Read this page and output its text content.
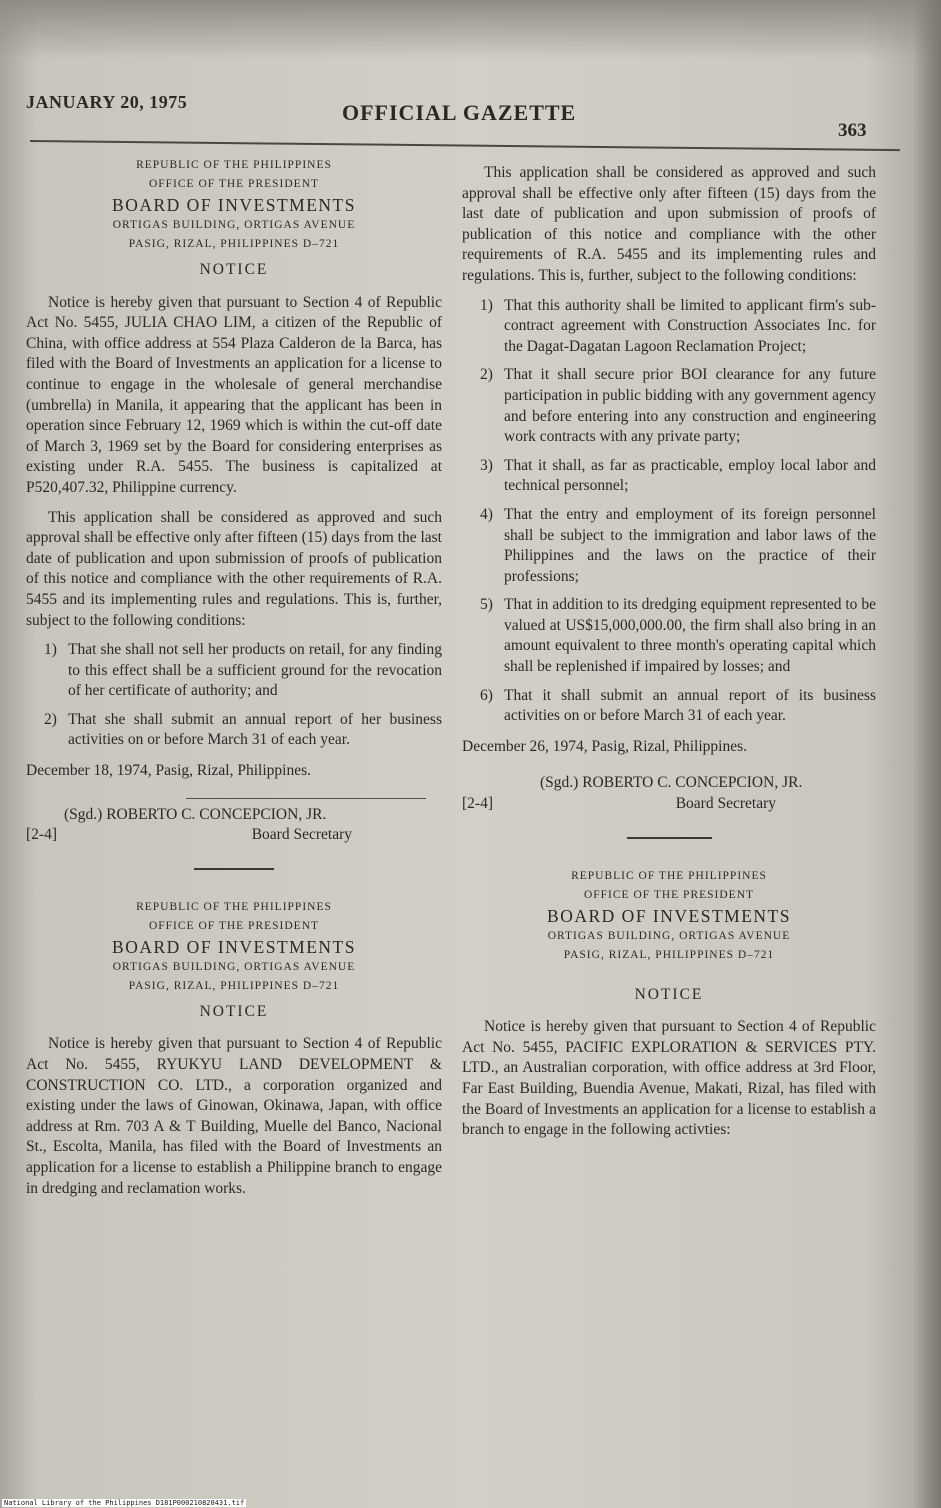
JANUARY 20, 1975	OFFICIAL GAZETTE
363
REPUBLIC OF THE PHILIPPINES
OFFICE OF THE PRESIDENT
BOARD OF INVESTMENTS
ORTIGAS BUILDING, ORTIGAS AVENUE
PASIG, RIZAL, PHILIPPINES D–721
NOTICE

Notice is hereby given that pursuant to Section 4 of Republic Act No. 5455, JULIA CHAO LIM, a citizen of the Republic of China, with office address at 554 Plaza Calderon de la Barca, has filed with the Board of Investments an application for a license to continue to engage in the wholesale of general merchandise (umbrella) in Manila, it appearing that the applicant has been in operation since February 12, 1969 which is within the cut-off date of March 3, 1969 set by the Board for considering enterprises as existing under R.A. 5455. The business is capitalized at P520,407.32, Philippine currency.

This application shall be considered as approved and such approval shall be effective only after fifteen (15) days from the last date of publication and upon submission of proofs of publication of this notice and compliance with the other requirements of R.A. 5455 and its implementing rules and regulations. This is, further, subject to the following conditions:

1) That she shall not sell her products on retail, for any finding to this effect shall be a sufficient ground for the revocation of her certificate of authority; and
2) That she shall submit an annual report of her business activities on or before March 31 of each year.
December 18, 1974, Pasig, Rizal, Philippines.
(Sgd.) ROBERTO C. CONCEPCION, JR.
[2-4]	Board Secretary
REPUBLIC OF THE PHILIPPINES
OFFICE OF THE PRESIDENT
BOARD OF INVESTMENTS
ORTIGAS BUILDING, ORTIGAS AVENUE
PASIG, RIZAL, PHILIPPINES D–721
NOTICE

Notice is hereby given that pursuant to Section 4 of Republic Act No. 5455, RYUKYU LAND DEVELOPMENT & CONSTRUCTION CO. LTD., a corporation organized and existing under the laws of Ginowan, Okinawa, Japan, with office address at Rm. 703 A & T Building, Muelle del Banco, Nacional St., Escolta, Manila, has filed with the Board of Investments an application for a license to establish a Philippine branch to engage in dredging and reclamation works.

This application shall be considered as approved and such approval shall be effective only after fifteen (15) days from the last date of publication and upon submission of proofs of publication of this notice and compliance with the other requirements of R.A. 5455 and its implementing rules and regulations. This is, further, subject to the following conditions:

1) That this authority shall be limited to applicant firm's sub-contract agreement with Construction Associates Inc. for the Dagat-Dagatan Lagoon Reclamation Project;
2) That it shall secure prior BOI clearance for any future participation in public bidding with any government agency and before entering into any construction and engineering work contracts with any private party;
3) That it shall, as far as practicable, employ local labor and technical personnel;
4) That the entry and employment of its foreign personnel shall be subject to the immigration and labor laws of the Philippines and the laws on the practice of their professions;
5) That in addition to its dredging equipment represented to be valued at US$15,000,000.00, the firm shall also bring in an amount equivalent to three month's operating capital which shall be replenished if impaired by losses; and
6) That it shall submit an annual report of its business activities on or before March 31 of each year.
December 26, 1974, Pasig, Rizal, Philippines.
(Sgd.) ROBERTO C. CONCEPCION, JR.
[2-4]	Board Secretary
REPUBLIC OF THE PHILIPPINES
OFFICE OF THE PRESIDENT
BOARD OF INVESTMENTS
ORTIGAS BUILDING, ORTIGAS AVENUE
PASIG, RIZAL, PHILIPPINES D–721
NOTICE

Notice is hereby given that pursuant to Section 4 of Republic Act No. 5455, PACIFIC EXPLORATION & SERVICES PTY. LTD., an Australian corporation, with office address at 3rd Floor, Far East Building, Buendia Avenue, Makati, Rizal, has filed with the Board of Investments an application for a license to establish a branch to engage in the following activties:

National Library of the Philippines D181P000210820431.tif
